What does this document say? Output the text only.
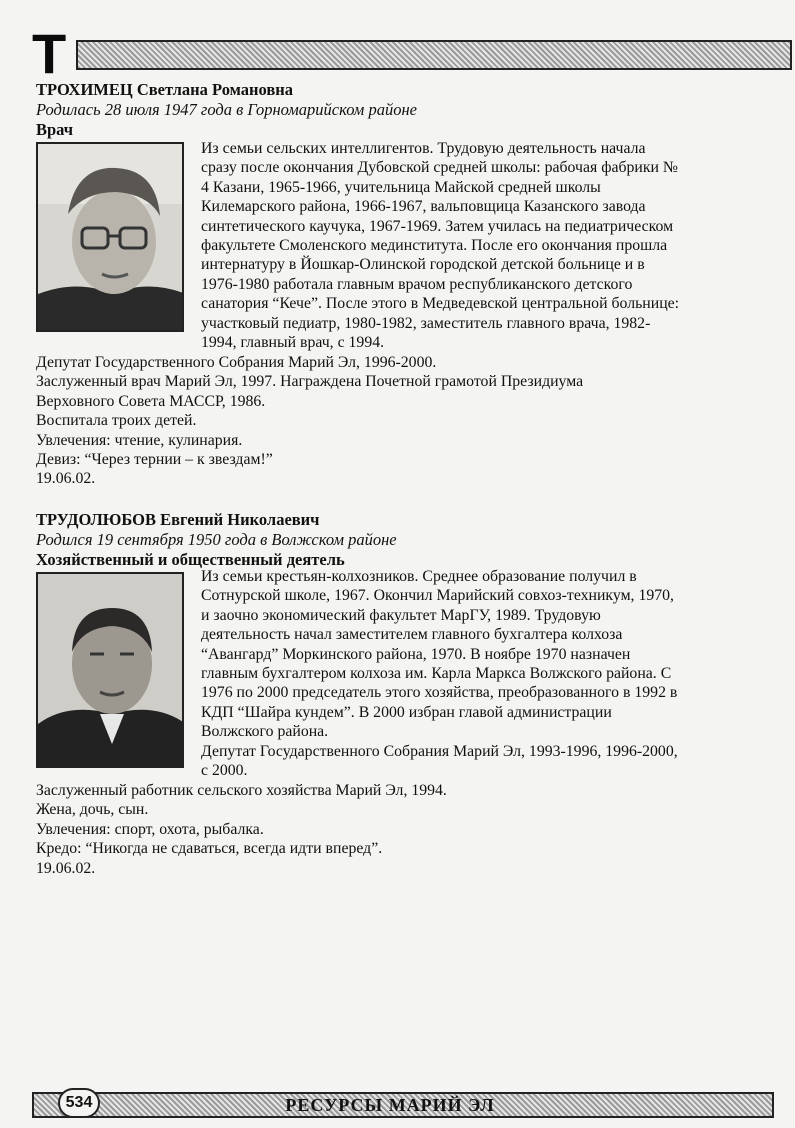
Т
ТРОХИМЕЦ Светлана Романовна
Родилась 28 июля 1947 года в Горномарийском районе
Врач

Из семьи сельских интеллигентов. Трудовую деятельность начала

сразу после окончания Дубовской средней школы: рабочая фабрики №

4 Казани, 1965-1966, учительница Майской средней школы

Килемарского района, 1966-1967, вальповщица Казанского завода

синтетического каучука, 1967-1969. Затем училась на педиатрическом

факультете Смоленского мединститута. После его окончания прошла

интернатуру в Йошкар-Олинской городской детской больнице и в

1976-1980 работала главным врачом республиканского детского

санатория “Кече”. После этого в Медведевской центральной больнице:

участковый педиатр, 1980-1982, заместитель главного врача, 1982-

1994, главный врач, с 1994.

Депутат Государственного Собрания Марий Эл, 1996-2000.

Заслуженный врач Марий Эл, 1997. Награждена Почетной грамотой Президиума

Верховного Совета МАССР, 1986.

Воспитала троих детей.

Увлечения: чтение, кулинария.

Девиз: “Через тернии – к звездам!”

19.06.02.

ТРУДОЛЮБОВ Евгений Николаевич
Родился 19 сентября 1950 года в Волжском районе
Хозяйственный и общественный деятель

Из семьи крестьян-колхозников. Среднее образование получил в

Сотнурской школе, 1967. Окончил Марийский совхоз-техникум, 1970,

и заочно экономический факультет МарГУ, 1989. Трудовую

деятельность начал заместителем главного бухгалтера колхоза

“Авангард” Моркинского района, 1970. В ноябре 1970 назначен

главным бухгалтером колхоза им. Карла Маркса Волжского района. С

1976 по 2000 председатель этого хозяйства, преобразованного в 1992 в

КДП “Шайра кундем”. В 2000 избран главой администрации

Волжского района.

Депутат Государственного Собрания Марий Эл, 1993-1996, 1996-2000,

с 2000.

Заслуженный работник сельского хозяйства Марий Эл, 1994.

Жена, дочь, сын.

Увлечения: спорт, охота, рыбалка.

Кредо: “Никогда не сдаваться, всегда идти вперед”.

19.06.02.

534	РЕСУРСЫ МАРИЙ ЭЛ
